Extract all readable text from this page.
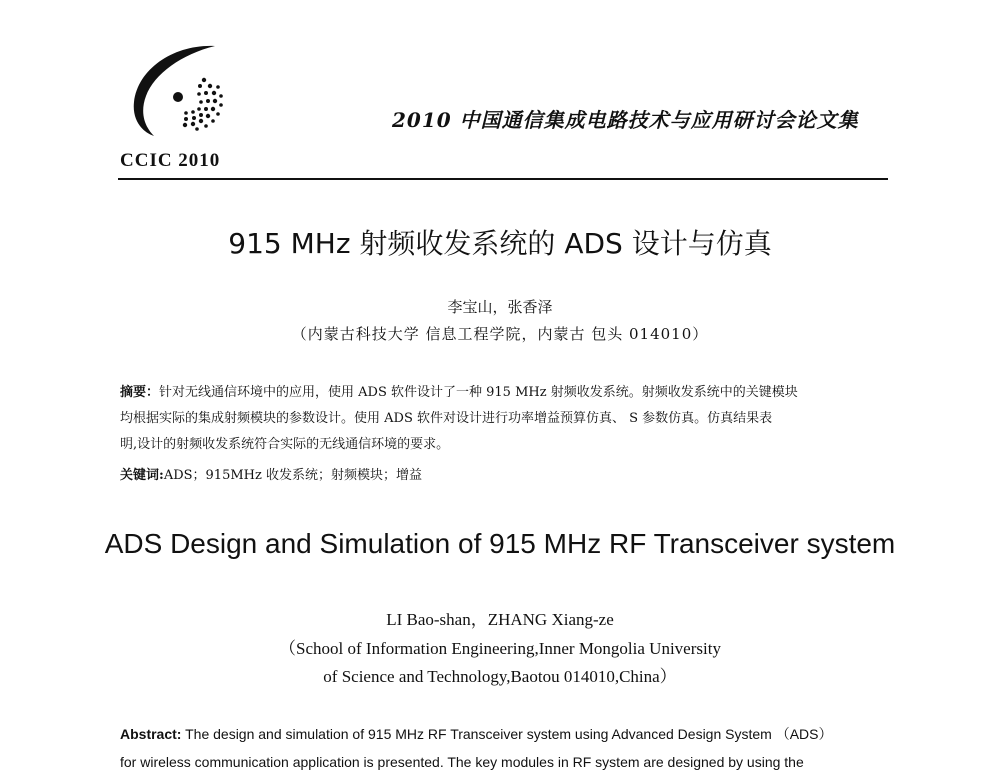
CCIC 2010
2010 中国通信集成电路技术与应用研讨会论文集
915 MHz 射频收发系统的 ADS 设计与仿真
李宝山，张香泽
（内蒙古科技大学 信息工程学院，内蒙古 包头 014010）
摘要：针对无线通信环境中的应用，使用 ADS 软件设计了一种 915 MHz 射频收发系统。射频收发系统中的关键模块
均根据实际的集成射频模块的参数设计。使用 ADS 软件对设计进行功率增益预算仿真、 S 参数仿真。仿真结果表
明,设计的射频收发系统符合实际的无线通信环境的要求。
关键词:ADS；915MHz 收发系统；射频模块；增益
ADS Design and Simulation of 915 MHz RF Transceiver system
LI Bao-shan，ZHANG Xiang-ze
（School of Information Engineering,Inner Mongolia University
of Science and Technology,Baotou 014010,China）
Abstract: The design and simulation of 915 MHz RF Transceiver system using Advanced Design System （ADS）
for wireless communication application is presented. The key modules in RF system are designed by using the
